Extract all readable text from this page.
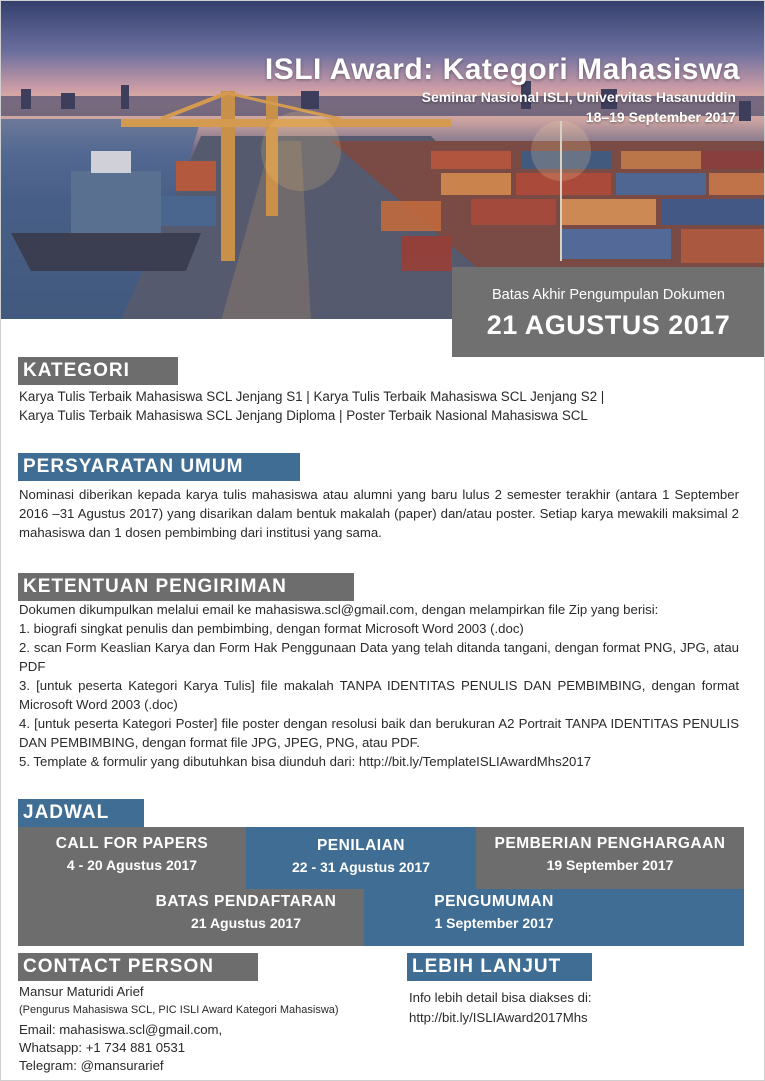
ISLI Award: Kategori Mahasiswa
Seminar Nasional ISLI, Univervitas Hasanuddin
18–19 September 2017
Batas Akhir Pengumpulan Dokumen
21 AGUSTUS 2017
KATEGORI

Karya Tulis Terbaik Mahasiswa SCL Jenjang S1 | Karya Tulis Terbaik Mahasiswa SCL Jenjang S2 |

Karya Tulis Terbaik Mahasiswa SCL Jenjang Diploma | Poster Terbaik Nasional Mahasiswa SCL

PERSYARATAN UMUM
Nominasi diberikan kepada karya tulis mahasiswa atau alumni yang baru lulus 2 semester terakhir (antara 1 September 2016 –31 Agustus 2017) yang disarikan dalam bentuk makalah (paper) dan/atau poster. Setiap karya mewakili maksimal 2 mahasiswa dan 1 dosen pembimbing dari institusi yang sama.
KETENTUAN PENGIRIMAN

Dokumen dikumpulkan melalui email ke mahasiswa.scl@gmail.com, dengan melampirkan file Zip yang berisi:

1. biografi singkat penulis dan pembimbing, dengan format Microsoft Word 2003 (.doc)

2. scan Form Keaslian Karya dan Form Hak Penggunaan Data yang telah ditanda tangani, dengan format PNG, JPG, atau PDF

3. [untuk peserta Kategori Karya Tulis] file makalah TANPA IDENTITAS PENULIS DAN PEMBIMBING, dengan format Microsoft Word 2003 (.doc)

4. [untuk peserta Kategori Poster] file poster dengan resolusi baik dan berukuran A2 Portrait TANPA IDENTITAS PENULIS DAN PEMBIMBING, dengan format file JPG, JPEG, PNG, atau PDF.

5. Template & formulir yang dibutuhkan bisa diunduh dari: http://bit.ly/TemplateISLIAwardMhs2017

JADWAL
CALL FOR PAPERS
4 - 20 Agustus 2017
PENILAIAN
22 - 31 Agustus 2017
PEMBERIAN PENGHARGAAN
19 September 2017
BATAS PENDAFTARAN
21 Agustus 2017
PENGUMUMAN
1 September 2017
CONTACT PERSON

Mansur Maturidi Arief

(Pengurus Mahasiswa SCL, PIC ISLI Award Kategori Mahasiswa)

Email: mahasiswa.scl@gmail.com,

Whatsapp: +1 734 881 0531

Telegram: @mansurarief

LEBIH LANJUT

Info lebih detail bisa diakses di:

http://bit.ly/ISLIAward2017Mhs
